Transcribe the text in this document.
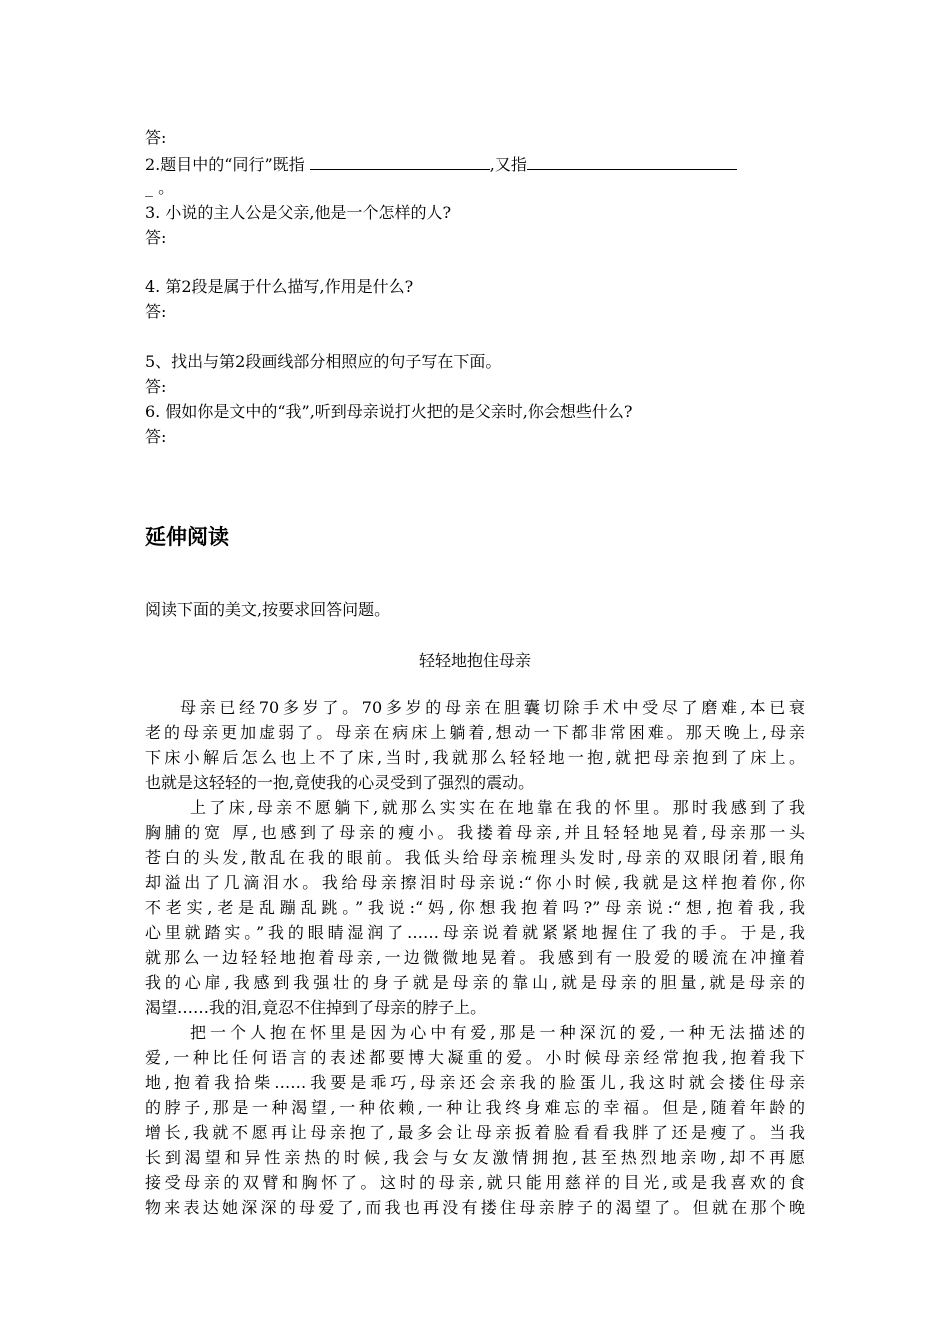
答:
2.题目中的“同行”既指	,又指
_ 。
3. 小说的主人公是父亲,他是一个怎样的人?
答:
4. 第2段是属于什么描写,作用是什么?
答:
5、找出与第2段画线部分相照应的句子写在下面。
答:
6. 假如你是文中的“我”,听到母亲说打火把的是父亲时,你会想些什么?
答:
延伸阅读
阅读下面的美文,按要求回答问题。
轻轻地抱住母亲
母亲已经70多岁了。70多岁的母亲在胆囊切除手术中受尽了磨难,本已衰
老的母亲更加虚弱了。母亲在病床上躺着,想动一下都非常困难。那天晚上,母亲
下床小解后怎么也上不了床,当时,我就那么轻轻地一抱,就把母亲抱到了床上。
也就是这轻轻的一抱,竟使我的心灵受到了强烈的震动。
上了床,母亲不愿躺下,就那么实实在在地靠在我的怀里。那时我感到了我
胸脯的宽 厚,也感到了母亲的瘦小。我搂着母亲,并且轻轻地晃着,母亲那一头
苍白的头发,散乱在我的眼前。我低头给母亲梳理头发时,母亲的双眼闭着,眼角
却溢出了几滴泪水。我给母亲擦泪时母亲说:“你小时候,我就是这样抱着你,你
不老实,老是乱蹦乱跳。”我说:“妈,你想我抱着吗?”母亲说:“想,抱着我,我
心里就踏实。”我的眼睛湿润了……母亲说着就紧紧地握住了我的手。于是,我
就那么一边轻轻地抱着母亲,一边微微地晃着。我感到有一股爱的暖流在冲撞着
我的心扉,我感到我强壮的身子就是母亲的靠山,就是母亲的胆量,就是母亲的
渴望……我的泪,竟忍不住掉到了母亲的脖子上。
把一个人抱在怀里是因为心中有爱,那是一种深沉的爱,一种无法描述的
爱,一种比任何语言的表述都要博大凝重的爱。小时候母亲经常抱我,抱着我下
地,抱着我拾柴……我要是乖巧,母亲还会亲我的脸蛋儿,我这时就会搂住母亲
的脖子,那是一种渴望,一种依赖,一种让我终身难忘的幸福。但是,随着年龄的
增长,我就不愿再让母亲抱了,最多会让母亲扳着脸看看我胖了还是瘦了。当我
长到渴望和异性亲热的时候,我会与女友激情拥抱,甚至热烈地亲吻,却不再愿
接受母亲的双臂和胸怀了。这时的母亲,就只能用慈祥的目光,或是我喜欢的食
物来表达她深深的母爱了,而我也再没有搂住母亲脖子的渴望了。但就在那个晚
